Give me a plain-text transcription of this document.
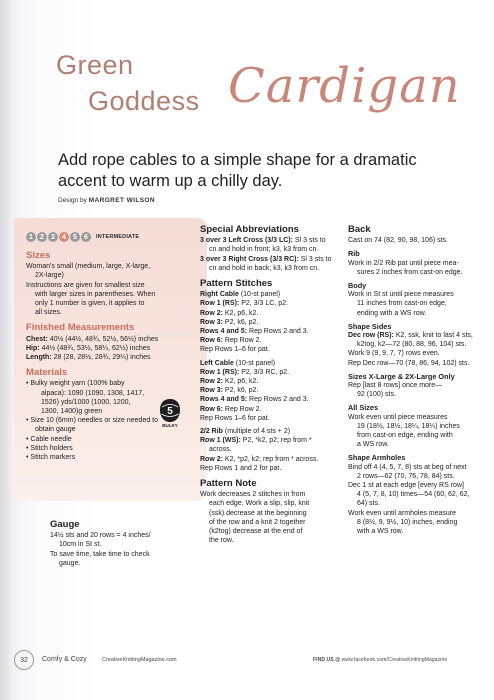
Green
Goddess Cardigan
Add rope cables to a simple shape for a dramatic accent to warm up a chilly day.
Design by MARGRET WILSON
1	2	3	4	5	6	INTERMEDIATE
Sizes

Woman's small (medium, large, X-large,

2X-large)

Instructions are given for smallest size

with larger sizes in parentheses. When

only 1 number is given, it applies to

all sizes.

Finished Measurements

Chest: 40½ (44½, 48¾, 52½, 56½) inches

Hip: 44½ (48¾, 53½, 58¼, 62½) inches

Length: 28 (28, 28½, 28¾, 29¼) inches

Materials

• Bulky weight yarn (100% baby

alpaca): 1090 (1090, 1308, 1417,

1526) yds/1000 (1000, 1200,

1300, 1400)g green

• Size 10 (6mm) needles or size needed to

obtain gauge

• Cable needle

• Stitch holders

• Stitch markers

5
BULKY
Gauge

14½ sts and 20 rows = 4 inches/

10cm in St st.

To save time, take time to check

gauge.

Special Abbreviations

3 over 3 Left Cross (3/3 LC): Sl 3 sts to

cn and hold in front; k3, k3 from cn.

3 over 3 Right Cross (3/3 RC): Sl 3 sts to

cn and hold in back; k3, k3 from cn.

Pattern Stitches

Right Cable (10-st panel)

Row 1 (RS): P2, 3/3 LC, p2.

Row 2: K2, p6, k2.

Row 3: P2, k6, p2.

Rows 4 and 5: Rep Rows 2 and 3.

Row 6: Rep Row 2.

Rep Rows 1–6 for pat.

Left Cable (10-st panel)

Row 1 (RS): P2, 3/3 RC, p2.

Row 2: K2, p6, k2.

Row 3: P2, k6, p2.

Rows 4 and 5: Rep Rows 2 and 3.

Row 6: Rep Row 2.

Rep Rows 1–6 for pat.

2/2 Rib (multiple of 4 sts + 2)

Row 1 (WS): P2, *k2, p2; rep from *

across.

Row 2: K2, *p2, k2; rep from * across.

Rep Rows 1 and 2 for pat.

Pattern Note

Work decreases 2 stitches in from

each edge. Work a slip, slip, knit

(ssk) decrease at the beginning

of the row and a knit 2 together

(k2tog) decrease at the end of

the row.

Back

Cast on 74 (82, 90, 98, 106) sts.

Rib

Work in 2/2 Rib pat until piece mea-

sures 2 inches from cast-on edge.

Body

Work in St st until piece measures

11 inches from cast-on edge,

ending with a WS row.

Shape Sides

Dec row (RS): K2, ssk, knit to last 4 sts,

k2tog, k2—72 (80, 88, 96, 104) sts.

Work 9 (9, 9, 7, 7) rows even.

Rep Dec row—70 (78, 86, 94, 102) sts.

Sizes X-Large & 2X-Large Only

Rep [last 8 rows] once more—

92 (100) sts.

All Sizes

Work even until piece measures

19 (18½, 18½, 18¼, 18¼) inches

from cast-on edge, ending with

a WS row.

Shape Armholes

Bind off 4 (4, 5, 7, 8) sts at beg of next

2 rows—62 (70, 76, 78, 84) sts.

Dec 1 st at each edge [every RS row]

4 (5, 7, 8, 10) times—54 (60, 62, 62,

64) sts.

Work even until armholes measure

8 (8½, 9, 9½, 10) inches, ending

with a WS row.

32	Comfy & Cozy	CreativeKnittingMagazine.com	FIND US @ www.facebook.com/CreativeKnittingMagazine
